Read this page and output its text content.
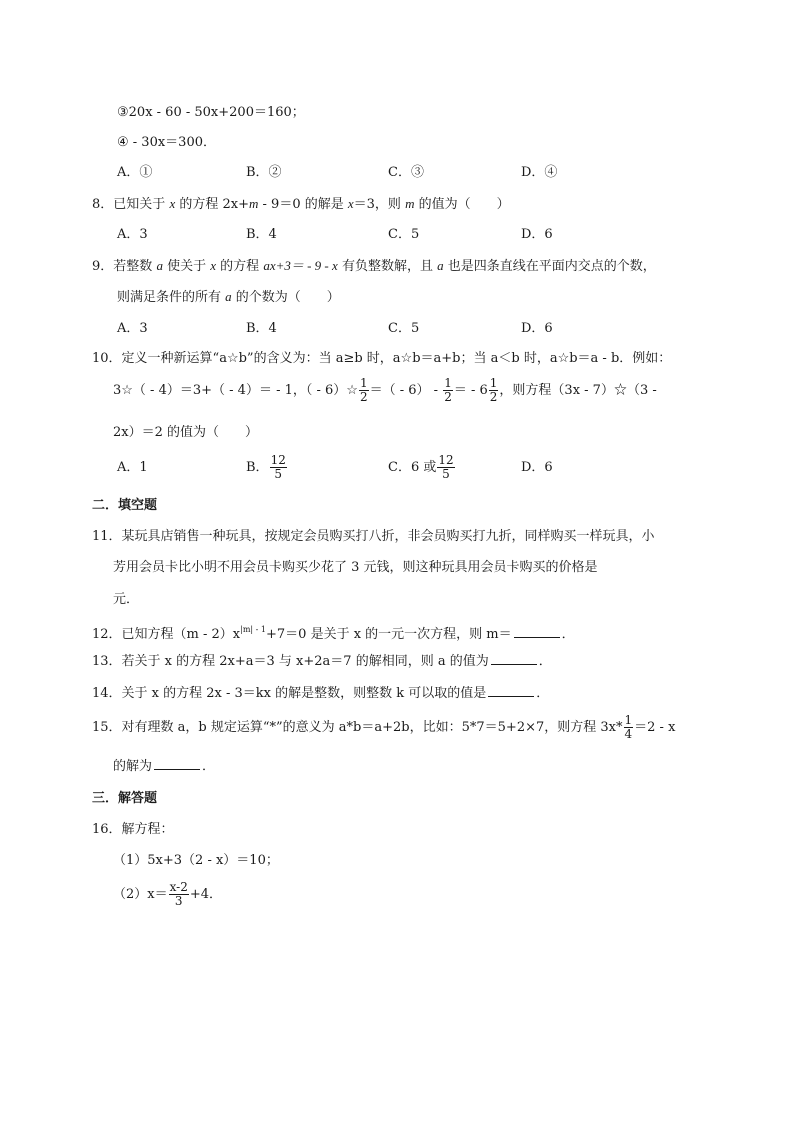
③20x - 60 - 50x+200＝160；
④ - 30x＝300．
A．①	B．②	C．③	D．④
8．已知关于 x 的方程 2x+m - 9＝0 的解是 x＝3，则 m 的值为（　　）
A．3	B．4	C．5	D．6
9．若整数 a 使关于 x 的方程 ax+3＝ - 9 - x 有负整数解，且 a 也是四条直线在平面内交点的个数，
则满足条件的所有 a 的个数为（　　）
A．3	B．4	C．5	D．6
10．定义一种新运算“a☆b”的含义为：当 a≥b 时，a☆b＝a+b；当 a＜b 时，a☆b＝a - b．例如：
3☆（ - 4）＝3+（ - 4）＝ - 1，（ - 6）☆ $\frac{1}{2}$ ＝（ - $6) - \frac{1}{2}$ ＝ - $6 \frac{1}{2}$ ，则方程（3x - 7）☆（3 -
2x）＝2 的值为（　　）
A．1	B． $\frac{12}{5}$	C．6 或 $\frac{12}{5}$	D．6
二．填空题
11．某玩具店销售一种玩具，按规定会员购买打八折，非会员购买打九折，同样购买一样玩具，小
芳用会员卡比小明不用会员卡购买少花了 3 元钱，则这种玩具用会员卡购买的价格是
元．
12．已知方程$(m - 2)x^{|m| - 1}+7=0$ 是关于 x 的一元一次方程，则 m＝	．
13．若关于 x 的方程 2x+a＝3 与 x+2a＝7 的解相同，则 a 的值为	．
14．关于 x 的方程 2x - 3＝kx 的解是整数，则整数 k 可以取的值是	．
15．对有理数 a，b 规定运算“*”的意义为 a*b＝a+2b，比如：5*7＝5+2×7，则方程 $3x* \frac{1}{4} =2 - x$
的解为	．
三．解答题
16．解方程：
（1）5x+3（2 - x）＝10；
$(2)x= \frac{x-2}{3} +4$．
